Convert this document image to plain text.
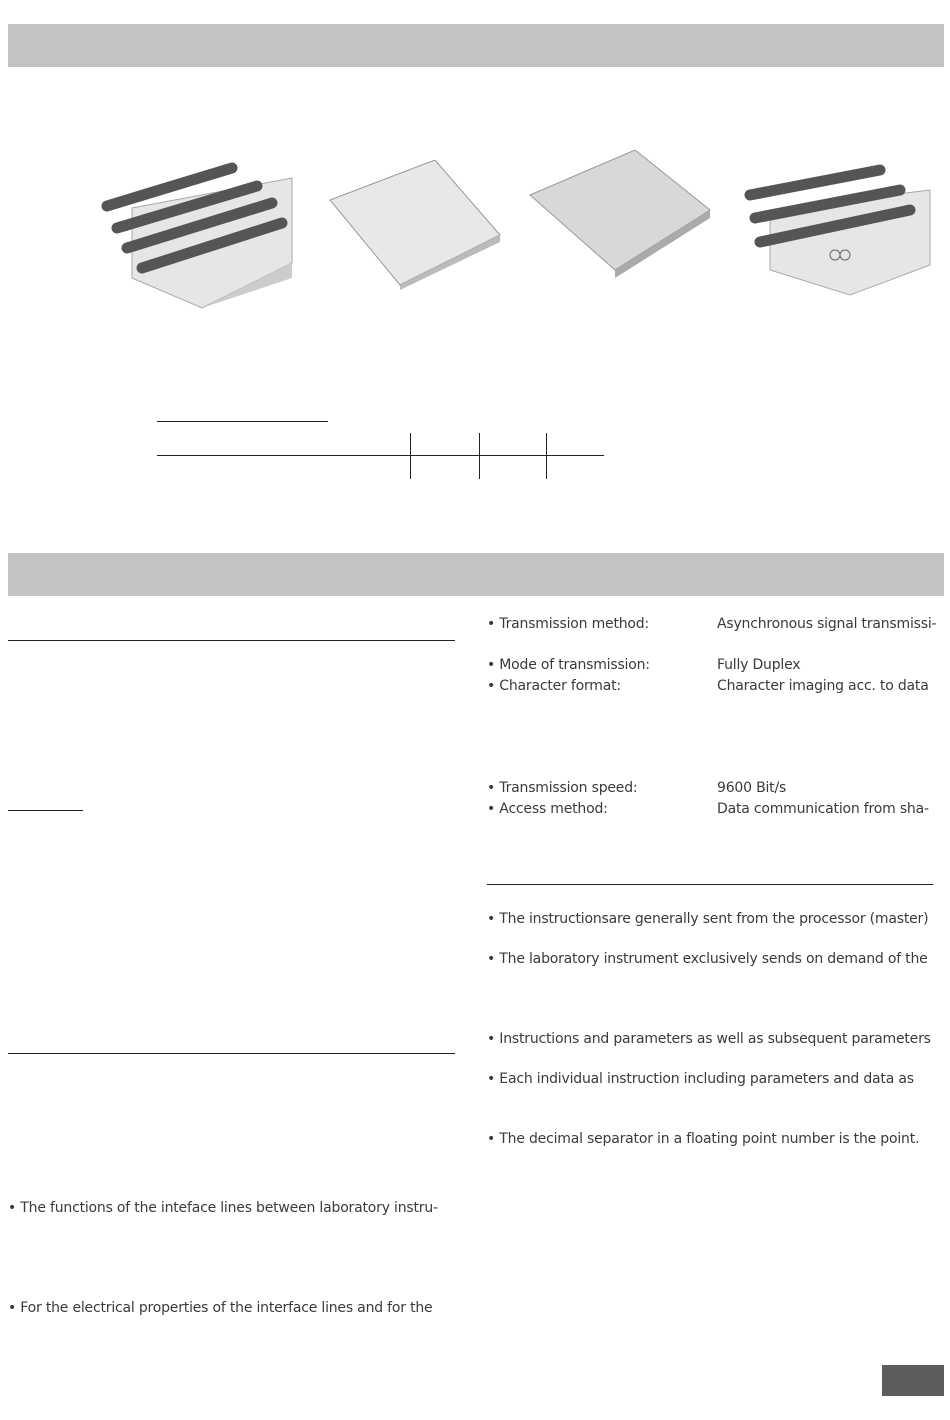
• Transmission method:	Asynchronous signal transmissi-
• Mode of transmission:	Fully Duplex
• Character format:	Character imaging acc. to data
• Transmission speed:	9600 Bit/s
• Access method:	Data communication from sha-
• The instructionsare generally sent from the processor (master)
• The laboratory instrument exclusively sends on demand of the
• Instructions and parameters as well as subsequent parameters
• Each individual instruction including parameters and data as
• The decimal separator in a floating point number is the point.
• The functions of the inteface lines between laboratory instru-
• For the electrical properties of the interface lines and for the
